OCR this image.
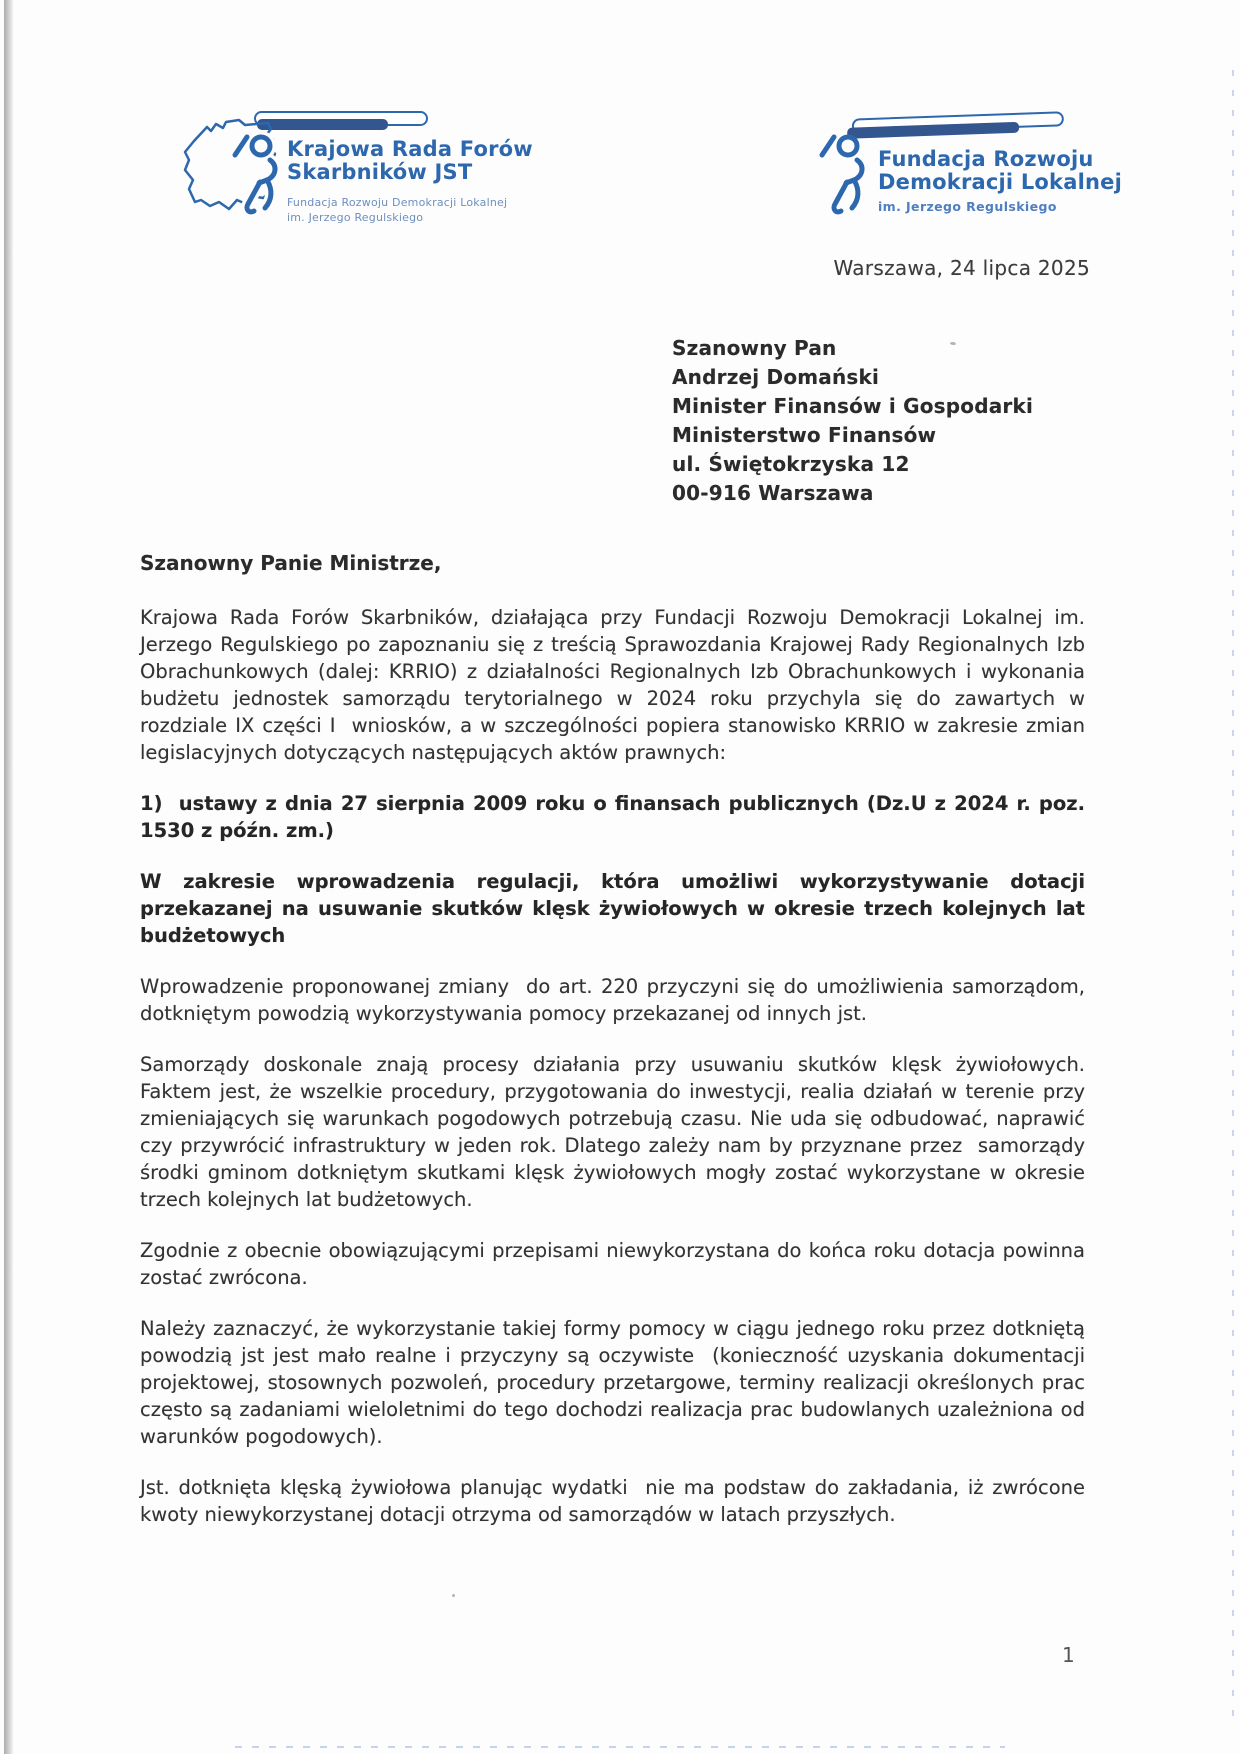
Krajowa Rada Forów
Skarbników JST
Fundacja Rozwoju Demokracji Lokalnej
im. Jerzego Regulskiego
Fundacja Rozwoju
Demokracji Lokalnej
im. Jerzego Regulskiego
Warszawa, 24 lipca 2025
Szanowny Pan
Andrzej Domański
Minister Finansów i Gospodarki
Ministerstwo Finansów
ul. Świętokrzyska 12
00-916 Warszawa

Szanowny Panie Ministrze,

Krajowa Rada Forów Skarbników, działająca przy Fundacji Rozwoju Demokracji Lokalnej im. Jerzego Regulskiego po zapoznaniu się z treścią Sprawozdania Krajowej Rady Regionalnych Izb Obrachunkowych (dalej: KRRIO) z działalności Regionalnych Izb Obrachunkowych i wykonania budżetu jednostek samorządu terytorialnego w 2024 roku przychyla się do zawartych w rozdziale IX części I  wniosków, a w szczególności popiera stanowisko KRRIO w zakresie zmian legislacyjnych dotyczących następujących aktów prawnych:

1)  ustawy z dnia 27 sierpnia 2009 roku o finansach publicznych (Dz.U z 2024 r. poz. 1530 z późn. zm.)

W zakresie wprowadzenia regulacji, która umożliwi wykorzystywanie dotacji przekazanej na usuwanie skutków klęsk żywiołowych w okresie trzech kolejnych lat budżetowych

Wprowadzenie proponowanej zmiany  do art. 220 przyczyni się do umożliwienia samorządom, dotkniętym powodzią wykorzystywania pomocy przekazanej od innych jst.

Samorządy doskonale znają procesy działania przy usuwaniu skutków klęsk żywiołowych. Faktem jest, że wszelkie procedury, przygotowania do inwestycji, realia działań w terenie przy zmieniających się warunkach pogodowych potrzebują czasu. Nie uda się odbudować, naprawić  czy przywrócić infrastruktury w jeden rok. Dlatego zależy nam by przyznane przez  samorządy środki gminom dotkniętym skutkami klęsk żywiołowych mogły zostać wykorzystane w okresie trzech kolejnych lat budżetowych.

Zgodnie z obecnie obowiązującymi przepisami niewykorzystana do końca roku dotacja powinna zostać zwrócona.

Należy zaznaczyć, że wykorzystanie takiej formy pomocy w ciągu jednego roku przez dotkniętą powodzią jst jest mało realne i przyczyny są oczywiste  (konieczność uzyskania dokumentacji projektowej, stosownych pozwoleń, procedury przetargowe, terminy realizacji określonych prac często są zadaniami wieloletnimi do tego dochodzi realizacja prac budowlanych uzależniona od warunków pogodowych).

Jst. dotknięta klęską żywiołowa planując wydatki  nie ma podstaw do zakładania, iż zwrócone kwoty niewykorzystanej dotacji otrzyma od samorządów w latach przyszłych.

1
